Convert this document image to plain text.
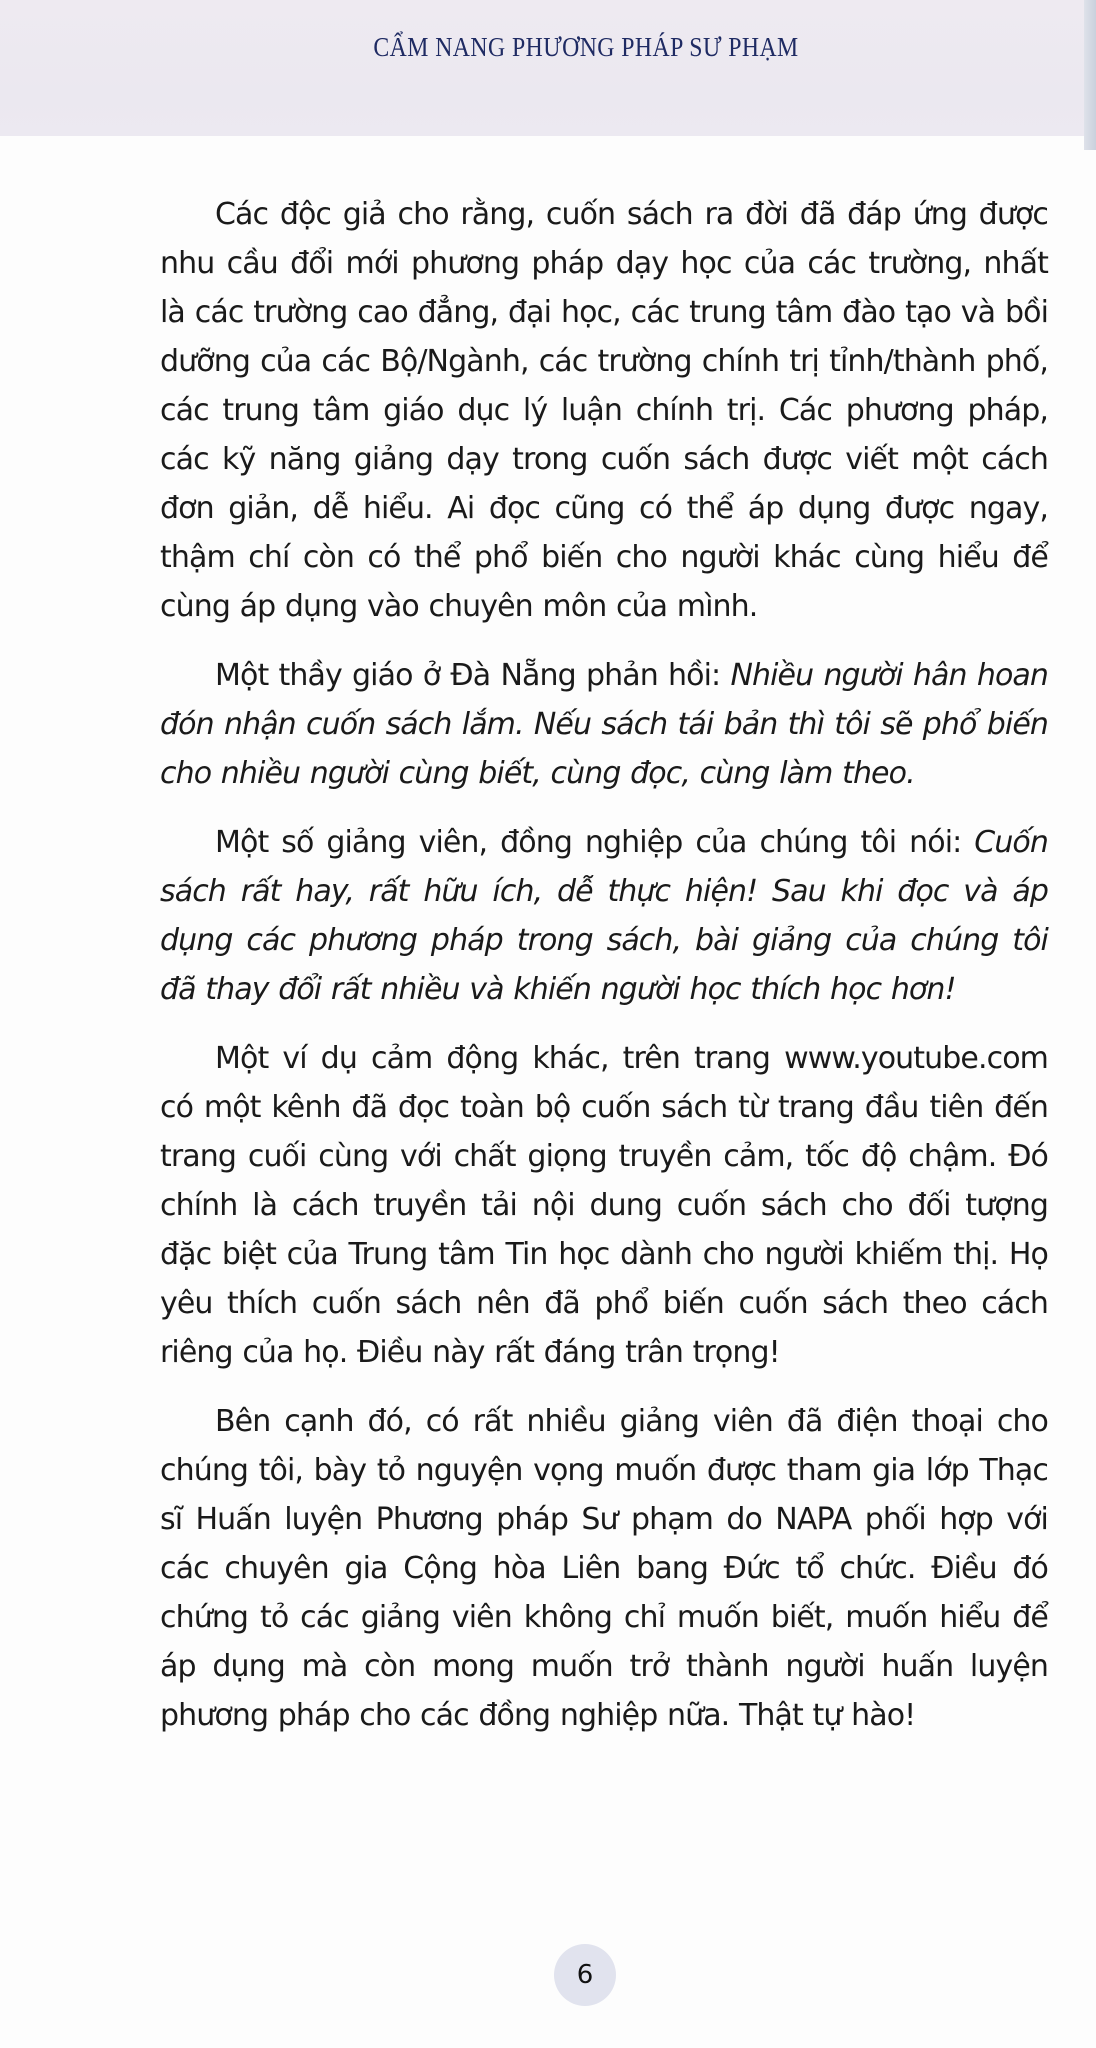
CẨM NANG PHƯƠNG PHÁP SƯ PHẠM

Các độc giả cho rằng, cuốn sách ra đời đã đáp ứng được nhu cầu đổi mới phương pháp dạy học của các trường, nhất là các trường cao đẳng, đại học, các trung tâm đào tạo và bồi dưỡng của các Bộ/Ngành, các trường chính trị tỉnh/thành phố, các trung tâm giáo dục lý luận chính trị. Các phương pháp, các kỹ năng giảng dạy trong cuốn sách được viết một cách đơn giản, dễ hiểu. Ai đọc cũng có thể áp dụng được ngay, thậm chí còn có thể phổ biến cho người khác cùng hiểu để cùng áp dụng vào chuyên môn của mình.

Một thầy giáo ở Đà Nẵng phản hồi: Nhiều người hân hoan đón nhận cuốn sách lắm. Nếu sách tái bản thì tôi sẽ phổ biến cho nhiều người cùng biết, cùng đọc, cùng làm theo.

Một số giảng viên, đồng nghiệp của chúng tôi nói: Cuốn sách rất hay, rất hữu ích, dễ thực hiện! Sau khi đọc và áp dụng các phương pháp trong sách, bài giảng của chúng tôi đã thay đổi rất nhiều và khiến người học thích học hơn!

Một ví dụ cảm động khác, trên trang www.youtube.com có một kênh đã đọc toàn bộ cuốn sách từ trang đầu tiên đến trang cuối cùng với chất giọng truyền cảm, tốc độ chậm. Đó chính là cách truyền tải nội dung cuốn sách cho đối tượng đặc biệt của Trung tâm Tin học dành cho người khiếm thị. Họ yêu thích cuốn sách nên đã phổ biến cuốn sách theo cách riêng của họ. Điều này rất đáng trân trọng!

Bên cạnh đó, có rất nhiều giảng viên đã điện thoại cho chúng tôi, bày tỏ nguyện vọng muốn được tham gia lớp Thạc sĩ Huấn luyện Phương pháp Sư phạm do NAPA phối hợp với các chuyên gia Cộng hòa Liên bang Đức tổ chức. Điều đó chứng tỏ các giảng viên không chỉ muốn biết, muốn hiểu để áp dụng mà còn mong muốn trở thành người huấn luyện phương pháp cho các đồng nghiệp nữa. Thật tự hào!

6
